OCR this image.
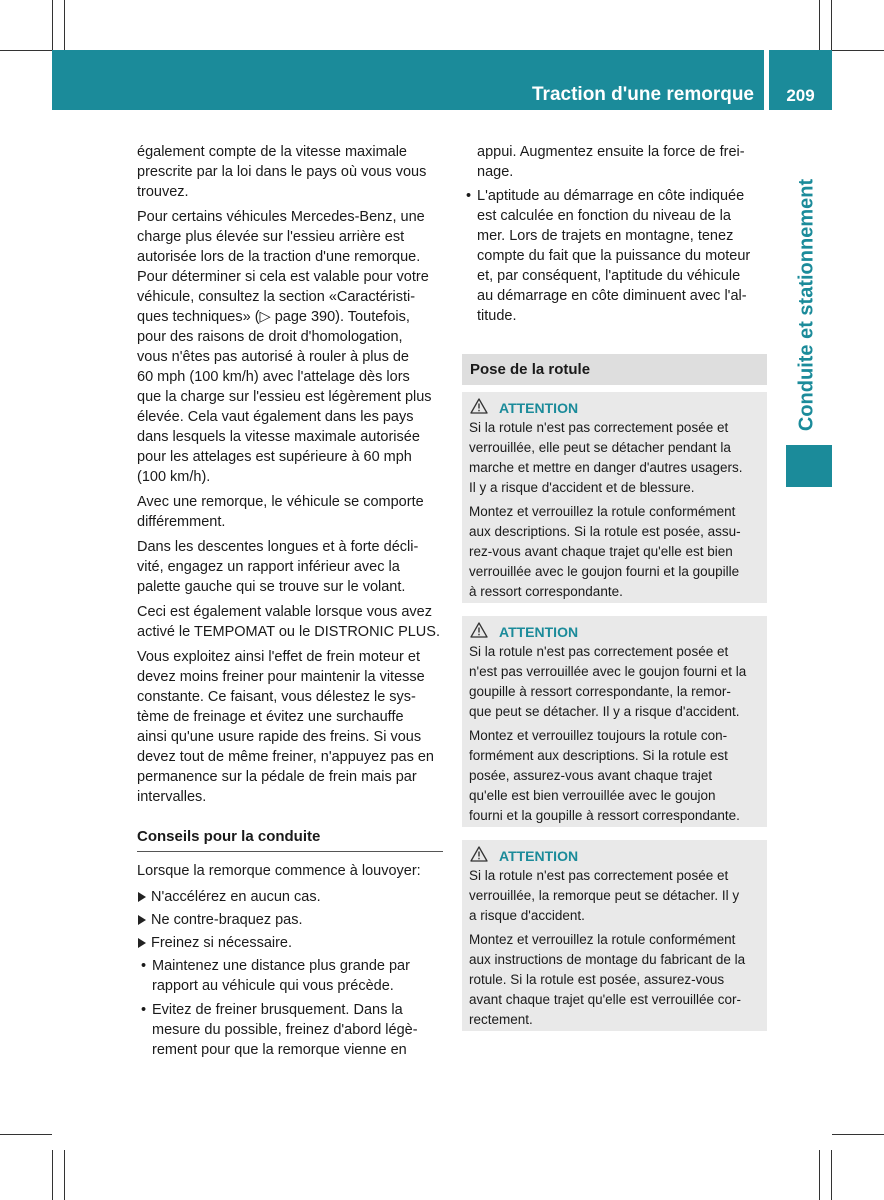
Traction d'une remorque	209
Conduite et stationnement
également compte de la vitesse maximale
prescrite par la loi dans le pays où vous vous
trouvez.
Pour certains véhicules Mercedes-Benz, une
charge plus élevée sur l'essieu arrière est
autorisée lors de la traction d'une remorque.
Pour déterminer si cela est valable pour votre
véhicule, consultez la section «Caractéristi-
ques techniques» (▷ page 390). Toutefois,
pour des raisons de droit d'homologation,
vous n'êtes pas autorisé à rouler à plus de
60 mph (100 km/h) avec l'attelage dès lors
que la charge sur l'essieu est légèrement plus
élevée. Cela vaut également dans les pays
dans lesquels la vitesse maximale autorisée
pour les attelages est supérieure à 60 mph
(100 km/h).
Avec une remorque, le véhicule se comporte
différemment.
Dans les descentes longues et à forte décli-
vité, engagez un rapport inférieur avec la
palette gauche qui se trouve sur le volant.
Ceci est également valable lorsque vous avez
activé le TEMPOMAT ou le DISTRONIC PLUS.
Vous exploitez ainsi l'effet de frein moteur et
devez moins freiner pour maintenir la vitesse
constante. Ce faisant, vous délestez le sys-
tème de freinage et évitez une surchauffe
ainsi qu'une usure rapide des freins. Si vous
devez tout de même freiner, n'appuyez pas en
permanence sur la pédale de frein mais par
intervalles.
Conseils pour la conduite
Lorsque la remorque commence à louvoyer:
N'accélérez en aucun cas.
Ne contre-braquez pas.
Freinez si nécessaire.
• Maintenez une distance plus grande par
rapport au véhicule qui vous précède.
• Evitez de freiner brusquement. Dans la
mesure du possible, freinez d'abord légè-
rement pour que la remorque vienne en
appui. Augmentez ensuite la force de frei-
nage.
• L'aptitude au démarrage en côte indiquée
est calculée en fonction du niveau de la
mer. Lors de trajets en montagne, tenez
compte du fait que la puissance du moteur
et, par conséquent, l'aptitude du véhicule
au démarrage en côte diminuent avec l'al-
titude.
Pose de la rotule
ATTENTION

Si la rotule n'est pas correctement posée et
verrouillée, elle peut se détacher pendant la
marche et mettre en danger d'autres usagers.
Il y a risque d'accident et de blessure.

Montez et verrouillez la rotule conformément
aux descriptions. Si la rotule est posée, assu-
rez-vous avant chaque trajet qu'elle est bien
verrouillée avec le goujon fourni et la goupille
à ressort correspondante.

ATTENTION

Si la rotule n'est pas correctement posée et
n'est pas verrouillée avec le goujon fourni et la
goupille à ressort correspondante, la remor-
que peut se détacher. Il y a risque d'accident.

Montez et verrouillez toujours la rotule con-
formément aux descriptions. Si la rotule est
posée, assurez-vous avant chaque trajet
qu'elle est bien verrouillée avec le goujon
fourni et la goupille à ressort correspondante.

ATTENTION

Si la rotule n'est pas correctement posée et
verrouillée, la remorque peut se détacher. Il y
a risque d'accident.

Montez et verrouillez la rotule conformément
aux instructions de montage du fabricant de la
rotule. Si la rotule est posée, assurez-vous
avant chaque trajet qu'elle est verrouillée cor-
rectement.
